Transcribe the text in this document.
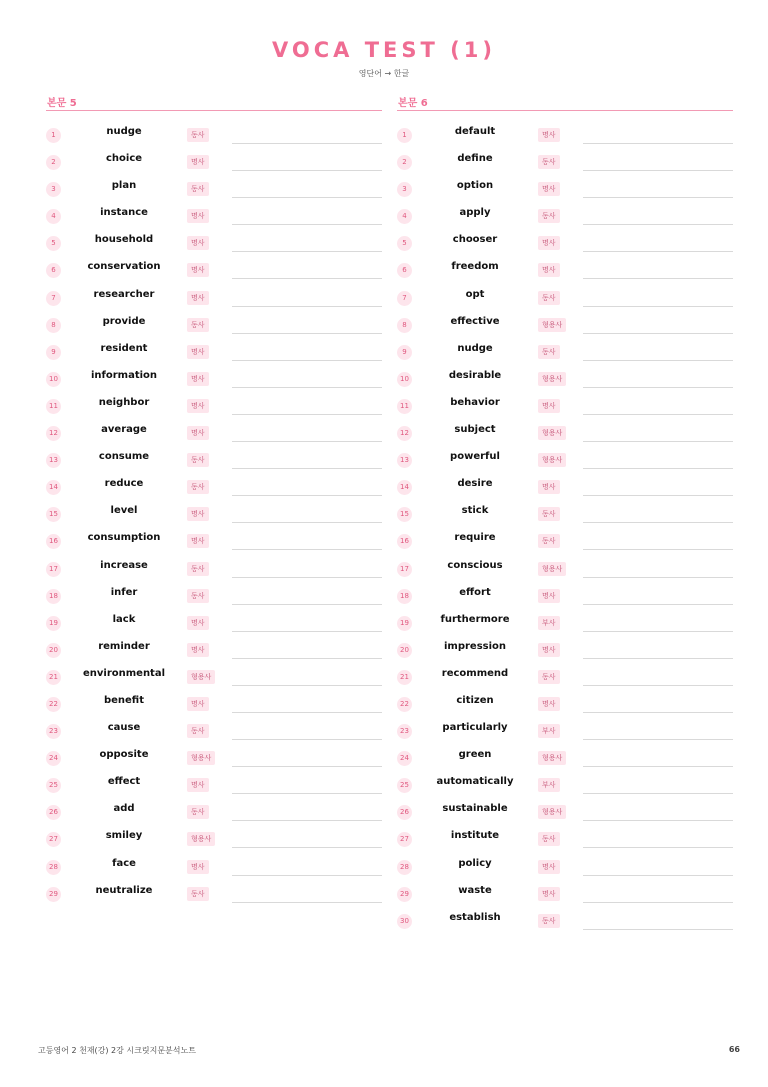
VOCA TEST (1)
영단어 → 한글
본문 5
1	nudge	동사
2	choice	명사
3	plan	동사
4	instance	명사
5	household	명사
6	conservation	명사
7	researcher	명사
8	provide	동사
9	resident	명사
10	information	명사
11	neighbor	명사
12	average	명사
13	consume	동사
14	reduce	동사
15	level	명사
16	consumption	명사
17	increase	동사
18	infer	동사
19	lack	명사
20	reminder	명사
21	environmental	형용사
22	benefit	명사
23	cause	동사
24	opposite	형용사
25	effect	명사
26	add	동사
27	smiley	형용사
28	face	명사
29	neutralize	동사
본문 6
1	default	명사
2	define	동사
3	option	명사
4	apply	동사
5	chooser	명사
6	freedom	명사
7	opt	동사
8	effective	형용사
9	nudge	동사
10	desirable	형용사
11	behavior	명사
12	subject	형용사
13	powerful	형용사
14	desire	명사
15	stick	동사
16	require	동사
17	conscious	형용사
18	effort	명사
19	furthermore	부사
20	impression	명사
21	recommend	동사
22	citizen	명사
23	particularly	부사
24	green	형용사
25	automatically	부사
26	sustainable	형용사
27	institute	동사
28	policy	명사
29	waste	명사
30	establish	동사
고등영어 2 천재(강) 2강 시크릿지문분석노트	66
